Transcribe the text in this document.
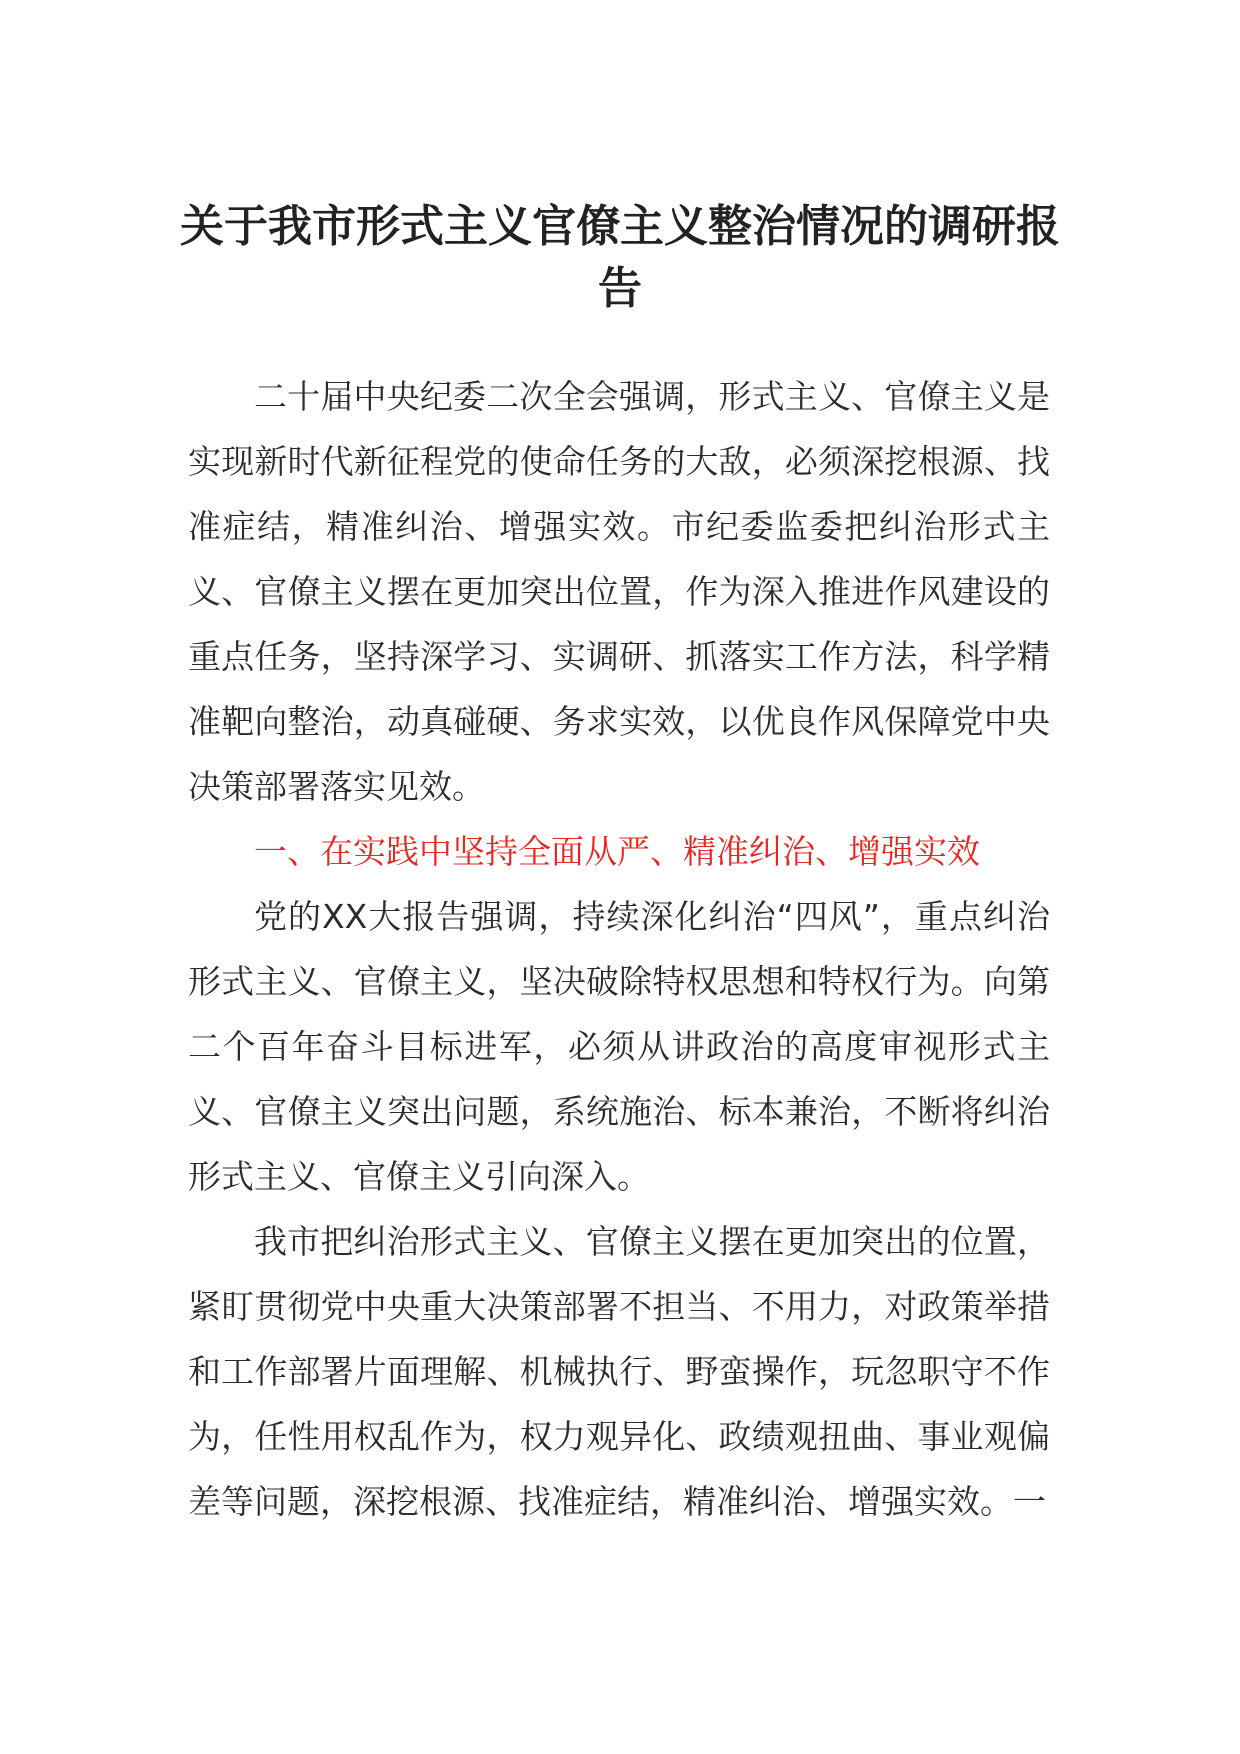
关于我市形式主义官僚主义整治情况的调研报告

二十届中央纪委二次全会强调，形式主义、官僚主义是实现新时代新征程党的使命任务的大敌，必须深挖根源、找准症结，精准纠治、增强实效。市纪委监委把纠治形式主义、官僚主义摆在更加突出位置，作为深入推进作风建设的重点任务，坚持深学习、实调研、抓落实工作方法，科学精准靶向整治，动真碰硬、务求实效，以优良作风保障党中央决策部署落实见效。

一、在实践中坚持全面从严、精准纠治、增强实效

党的XX大报告强调，持续深化纠治“四风”，重点纠治形式主义、官僚主义，坚决破除特权思想和特权行为。向第二个百年奋斗目标进军，必须从讲政治的高度审视形式主义、官僚主义突出问题，系统施治、标本兼治，不断将纠治形式主义、官僚主义引向深入。

我市把纠治形式主义、官僚主义摆在更加突出的位置，紧盯贯彻党中央重大决策部署不担当、不用力，对政策举措和工作部署片面理解、机械执行、野蛮操作，玩忽职守不作为，任性用权乱作为，权力观异化、政绩观扭曲、事业观偏差等问题，深挖根源、找准症结，精准纠治、增强实效。一
